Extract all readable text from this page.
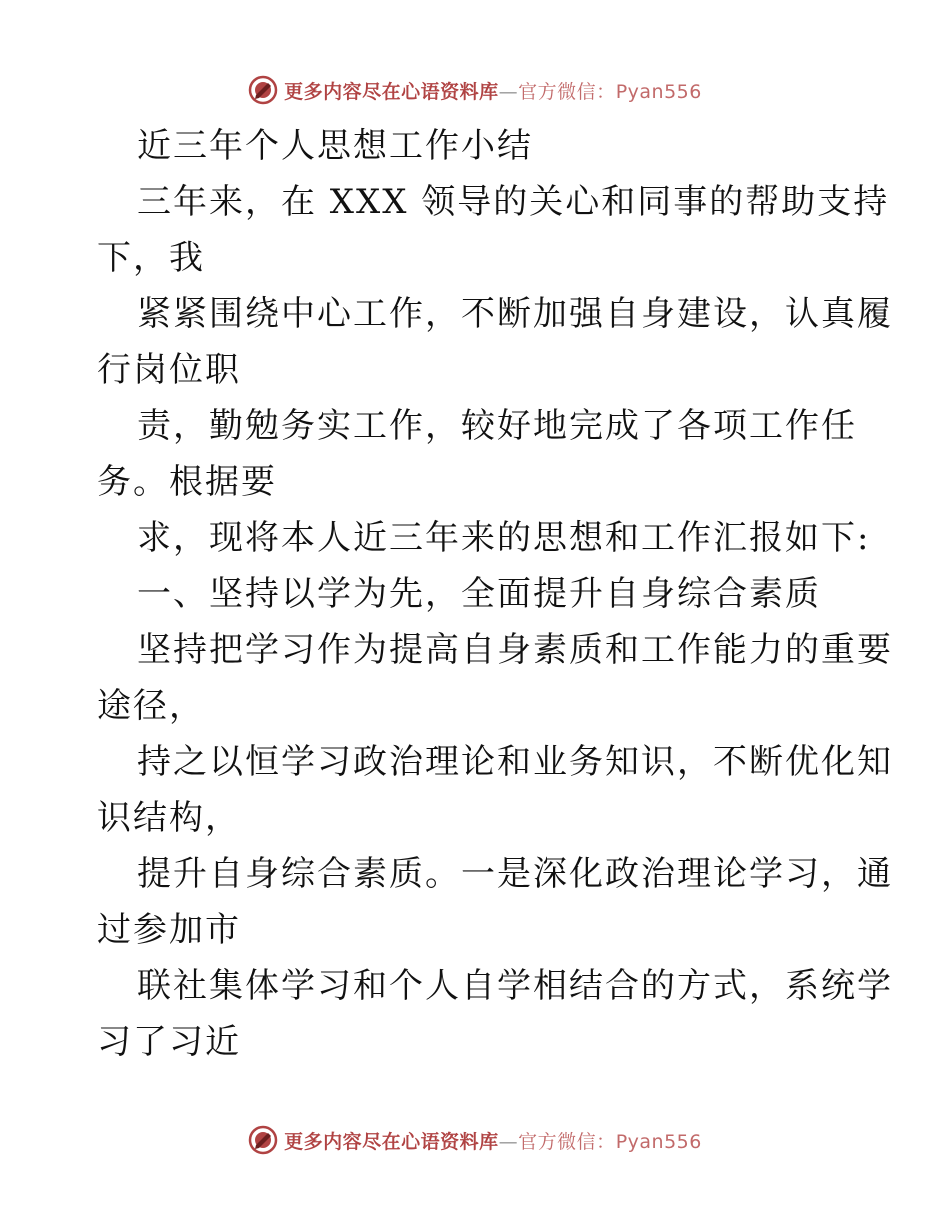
更多内容尽在心语资料库—官方微信：Pyan556
近三年个人思想工作小结
三年来，在 XXX 领导的关心和同事的帮助支持
下，我
紧紧围绕中心工作，不断加强自身建设，认真履
行岗位职
责，勤勉务实工作，较好地完成了各项工作任
务。根据要
求，现将本人近三年来的思想和工作汇报如下:
一、坚持以学为先，全面提升自身综合素质
坚持把学习作为提高自身素质和工作能力的重要
途径，
持之以恒学习政治理论和业务知识，不断优化知
识结构，
提升自身综合素质。一是深化政治理论学习，通
过参加市
联社集体学习和个人自学相结合的方式，系统学
习了习近
更多内容尽在心语资料库—官方微信：Pyan556
